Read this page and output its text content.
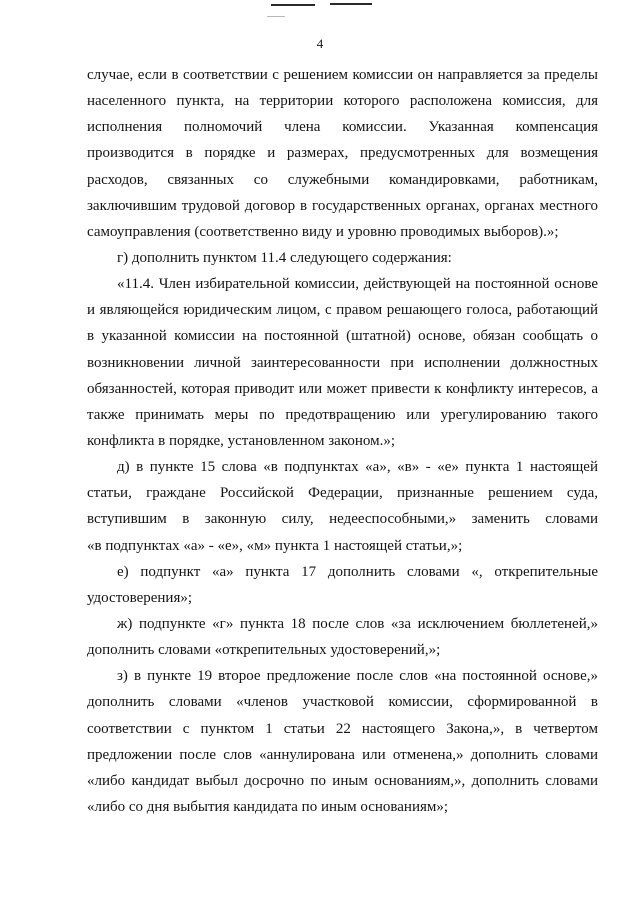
4
случае, если в соответствии с решением комиссии он направляется за пределы
населенного пункта, на территории которого расположена комиссия, для
исполнения полномочий члена комиссии. Указанная компенсация
производится в порядке и размерах, предусмотренных для возмещения
расходов, связанных со служебными командировками, работникам,
заключившим трудовой договор в государственных органах, органах местного
самоуправления (соответственно виду и уровню проводимых выборов).»;
г) дополнить пунктом 11.4 следующего содержания:
«11.4. Член избирательной комиссии, действующей на постоянной основе
и являющейся юридическим лицом, с правом решающего голоса, работающий
в указанной комиссии на постоянной (штатной) основе, обязан сообщать о
возникновении личной заинтересованности при исполнении должностных
обязанностей, которая приводит или может привести к конфликту интересов, а
также принимать меры по предотвращению или урегулированию такого
конфликта в порядке, установленном законом.»;
д) в пункте 15 слова «в подпунктах «а», «в» - «е» пункта 1 настоящей
статьи, граждане Российской Федерации, признанные решением суда,
вступившим в законную силу, недееспособными,» заменить словами
«в подпунктах «а» - «е», «м» пункта 1 настоящей статьи,»;
е) подпункт «а» пункта 17 дополнить словами «, открепительные
удостоверения»;
ж) подпункте «г» пункта 18 после слов «за исключением бюллетеней,»
дополнить словами «открепительных удостоверений,»;
з) в пункте 19 второе предложение после слов «на постоянной основе,»
дополнить словами «членов участковой комиссии, сформированной в
соответствии с пунктом 1 статьи 22 настоящего Закона,», в четвертом
предложении после слов «аннулирована или отменена,» дополнить словами
«либо кандидат выбыл досрочно по иным основаниям,», дополнить словами
«либо со дня выбытия кандидата по иным основаниям»;
